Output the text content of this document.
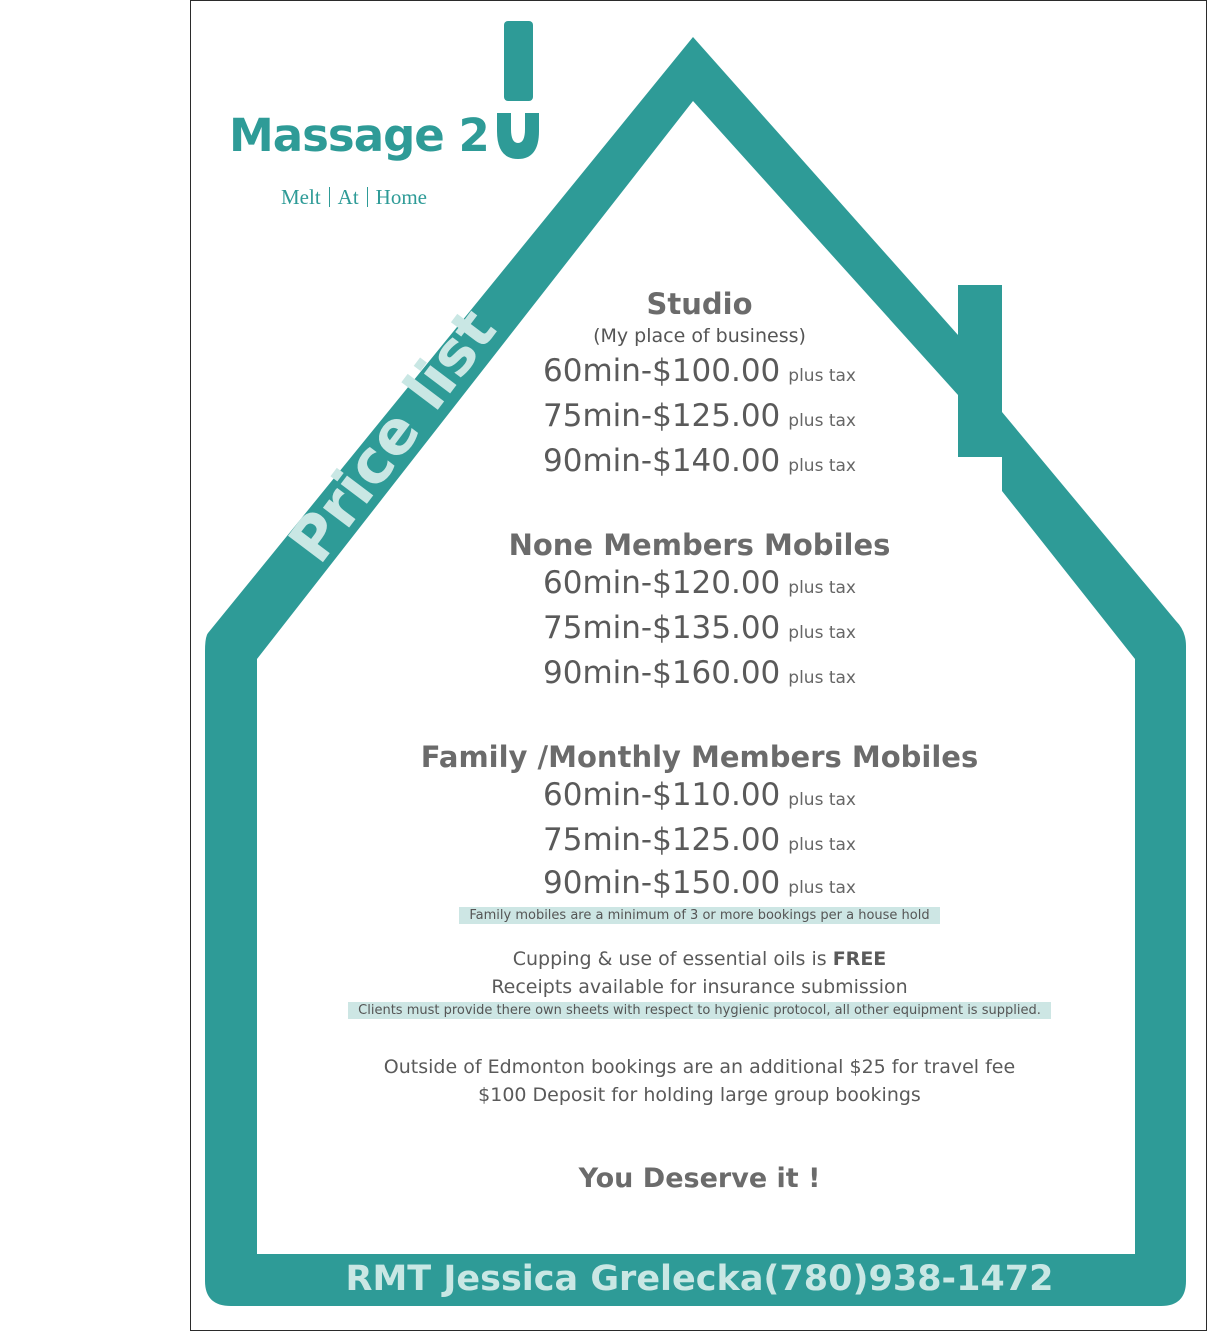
Massage 2
Melt At Home
Price list	Studio
(My place of business)
60min-$100.00 plus tax
75min-$125.00 plus tax
90min-$140.00 plus tax
None Members Mobiles
60min-$120.00 plus tax
75min-$135.00 plus tax
90min-$160.00 plus tax
Family /Monthly Members Mobiles
60min-$110.00 plus tax
75min-$125.00 plus tax
90min-$150.00 plus tax
Family mobiles are a minimum of 3 or more bookings per a house hold
Cupping & use of essential oils is FREE
Receipts available for insurance submission
Clients must provide there own sheets with respect to hygienic protocol, all other equipment is supplied.
Outside of Edmonton bookings are an additional $25 for travel fee
$100 Deposit for holding large group bookings
You Deserve it !
RMT Jessica Grelecka(780)938-1472
